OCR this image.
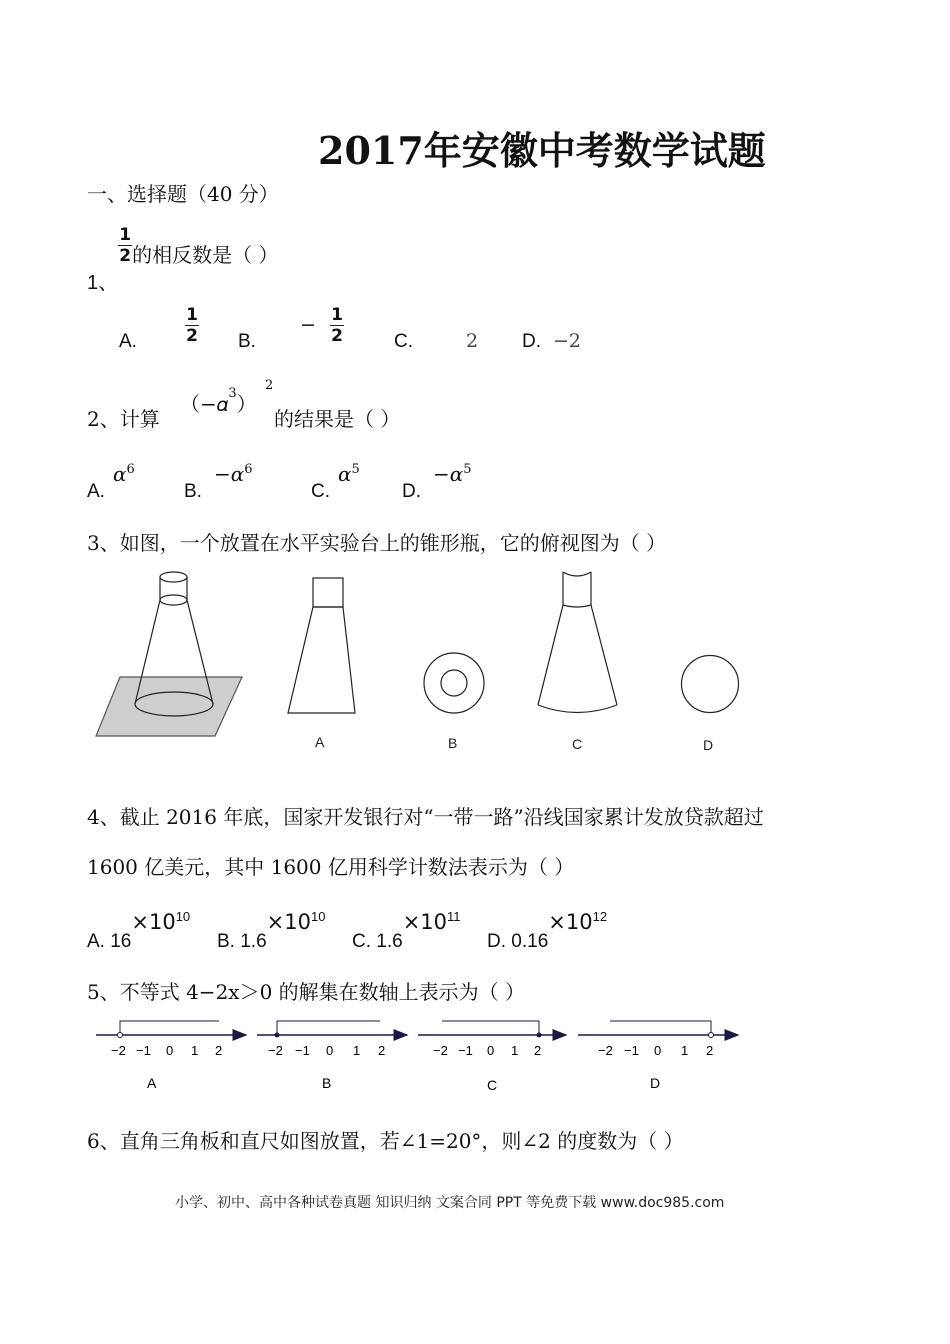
2017年安徽中考数学试题
一、选择题（40 分）
1、$\frac{1}{2}$的相反数是（ ）
A.
1
2 B.
− 1
2	C.	2 D. −2
2、计算
（−𝛼$^3$）
2
的结果是（ ）
A.
𝛼$^6$
B.
−𝛼$^6$
C.
𝛼$^5$
D.
−𝛼$^5$
3、如图，一个放置在水平实验台上的锥形瓶，它的俯视图为（ ）
A	B	C	D
4、截止 2016 年底，国家开发银行对“一带一路”沿线国家累计发放贷款超过
1600 亿美元，其中 1600 亿用科学计数法表示为（ ）
A. $16\times 10^{10}$
B. $1.6\times 10^{10}$
C. $1.6\times 10^{11}$
D. $0.16\times 10^{12}$
5、不等式 4−2x＞0 的解集在数轴上表示为（ ）
−2 −1 0 1 2	−2 −1 0 1 2	−2 −1 0 1 2	−2 −1 0 1 2
A	B	C	D
6、直角三角板和直尺如图放置，若∠1=20°，则∠2 的度数为（ ）
小学、初中、高中各种试卷真题 知识归纳 文案合同 PPT 等免费下载 www.doc985.com
